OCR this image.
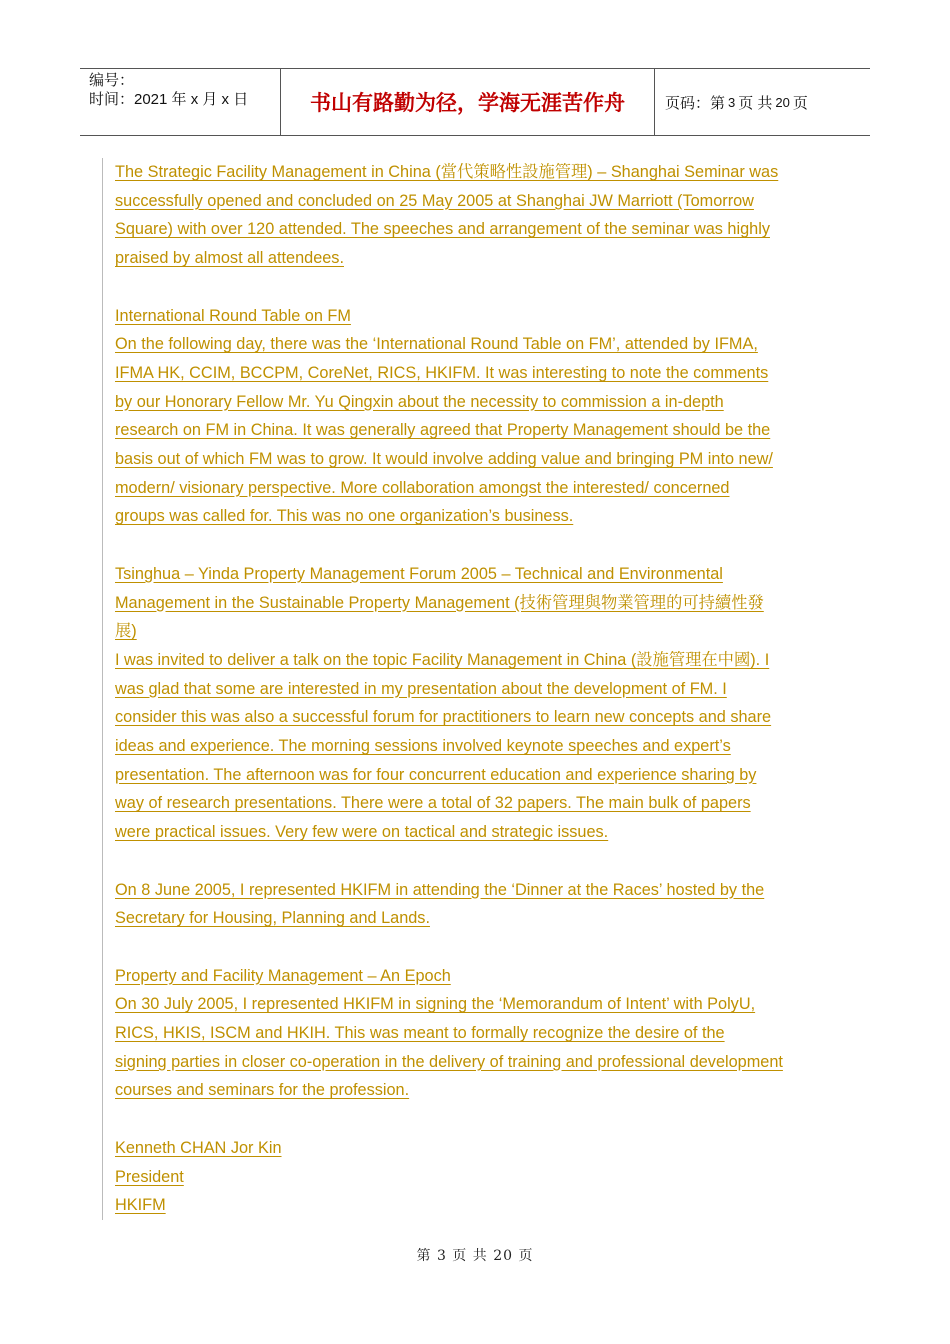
编号：
时间：2021 年 x 月 x 日	书山有路勤为径，学海无涯苦作舟	页码：第 3 页 共 20 页
The Strategic Facility Management in China (當代策略性設施管理) – Shanghai Seminar was
successfully opened and concluded on 25 May 2005 at Shanghai JW Marriott (Tomorrow
Square) with over 120 attended. The speeches and arrangement of the seminar was highly
praised by almost all attendees.
International Round Table on FM
On the following day, there was the ‘International Round Table on FM’, attended by IFMA,
IFMA HK, CCIM, BCCPM, CoreNet, RICS, HKIFM. It was interesting to note the comments
by our Honorary Fellow Mr. Yu Qingxin about the necessity to commission a in-depth
research on FM in China. It was generally agreed that Property Management should be the
basis out of which FM was to grow. It would involve adding value and bringing PM into new/
modern/ visionary perspective. More collaboration amongst the interested/ concerned
groups was called for. This was no one organization’s business.
Tsinghua – Yinda Property Management Forum 2005 – Technical and Environmental
Management in the Sustainable Property Management (技術管理與物業管理的可持續性發
展)
I was invited to deliver a talk on the topic Facility Management in China (設施管理在中國). I
was glad that some are interested in my presentation about the development of FM. I
consider this was also a successful forum for practitioners to learn new concepts and share
ideas and experience. The morning sessions involved keynote speeches and expert’s
presentation. The afternoon was for four concurrent education and experience sharing by
way of research presentations. There were a total of 32 papers. The main bulk of papers
were practical issues. Very few were on tactical and strategic issues.
On 8 June 2005, I represented HKIFM in attending the ‘Dinner at the Races’ hosted by the
Secretary for Housing, Planning and Lands.
Property and Facility Management – An Epoch
On 30 July 2005, I represented HKIFM in signing the ‘Memorandum of Intent’ with PolyU,
RICS, HKIS, ISCM and HKIH. This was meant to formally recognize the desire of the
signing parties in closer co-operation in the delivery of training and professional development
courses and seminars for the profession.
Kenneth CHAN Jor Kin
President
HKIFM
第 3 页 共 20 页
